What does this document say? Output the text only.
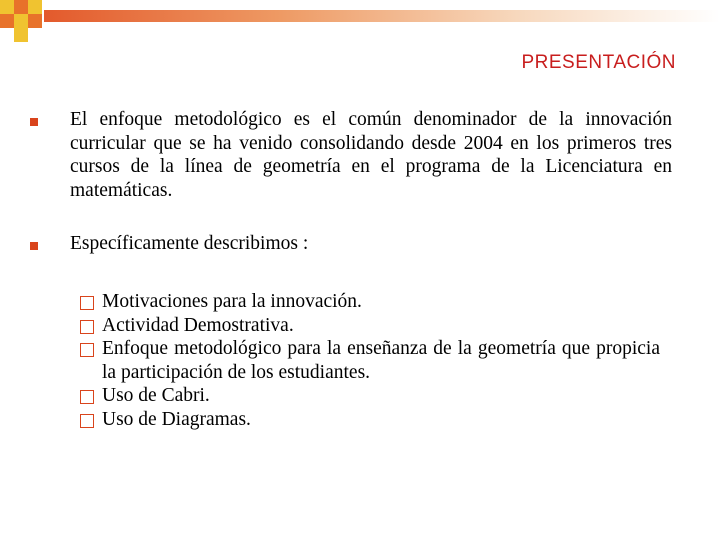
PRESENTACIÓN
El enfoque metodológico es el común denominador de la innovación curricular que se ha venido consolidando desde 2004 en los primeros tres cursos de la línea de geometría en el programa de la Licenciatura en matemáticas.
Específicamente describimos :
Motivaciones para la innovación.
Actividad Demostrativa.
Enfoque metodológico para la enseñanza de la geometría que propicia la participación de los estudiantes.
Uso de Cabri.
Uso de Diagramas.
